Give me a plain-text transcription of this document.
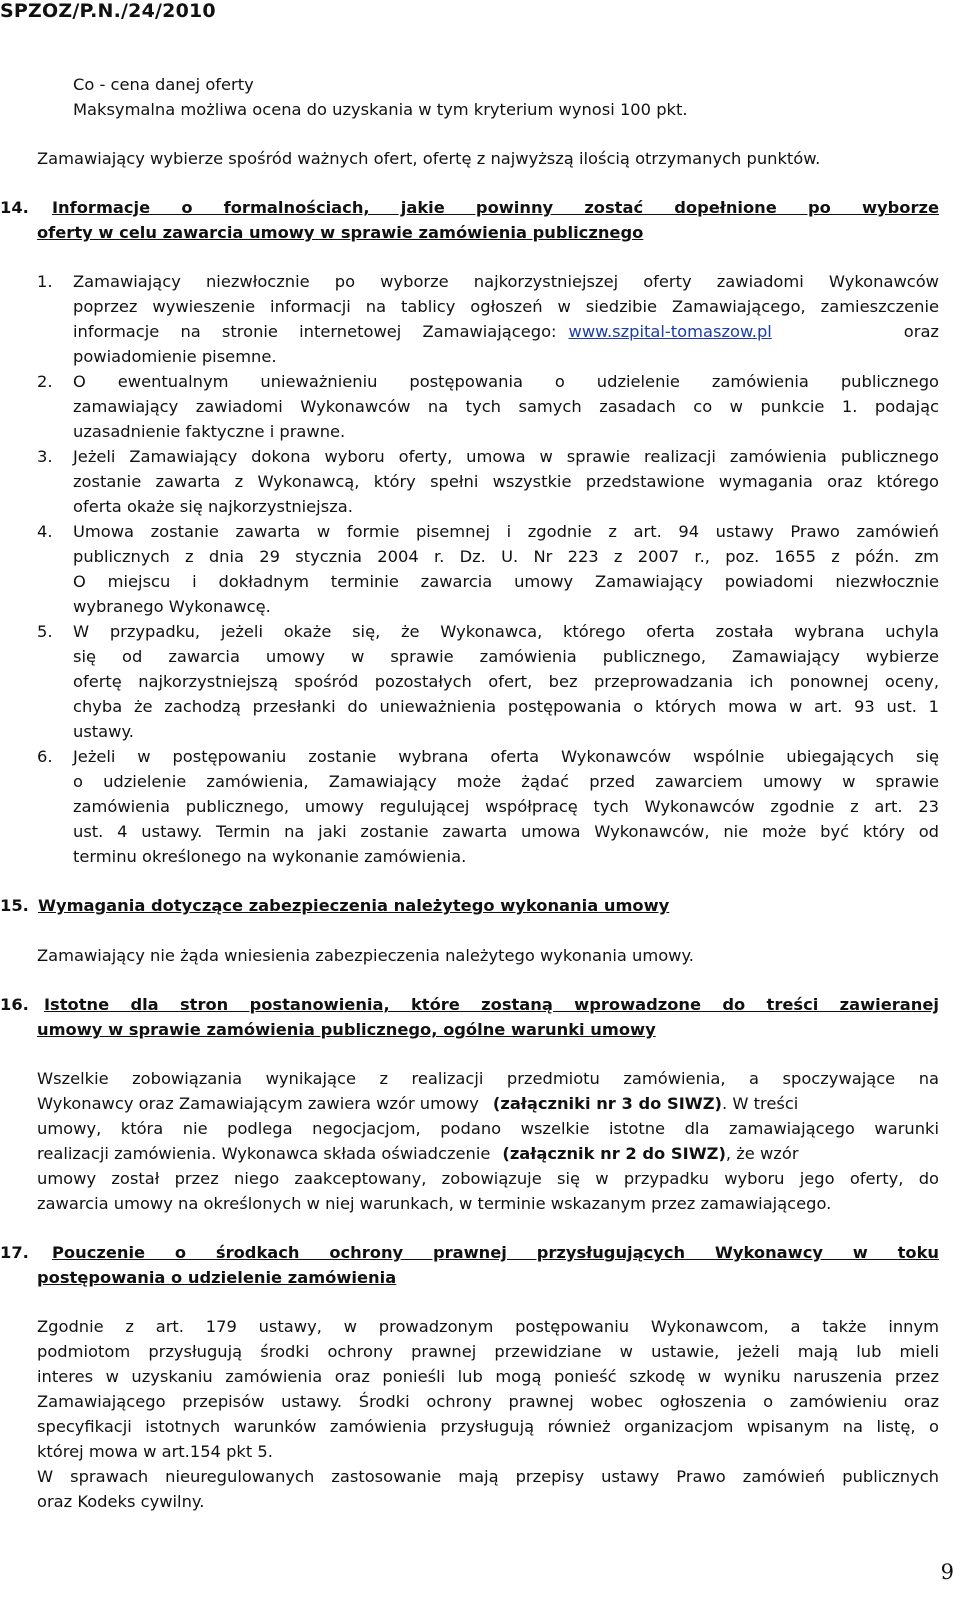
SPZOZ/P.N./24/2010
Co - cena danej oferty
Maksymalna możliwa ocena do uzyskania w tym kryterium wynosi 100 pkt.
Zamawiający wybierze spośród ważnych ofert, ofertę z najwyższą ilością otrzymanych punktów.
14. Informacje o formalnościach, jakie powinny zostać dopełnione po wyborze
oferty w celu zawarcia umowy w sprawie zamówienia publicznego
1. Zamawiający niezwłocznie po wyborze najkorzystniejszej oferty zawiadomi Wykonawców
poprzez wywieszenie informacji na tablicy ogłoszeń w siedzibie Zamawiającego, zamieszczenie
informacje na stronie internetowej Zamawiającego: www.szpital-tomaszow.pl	oraz
powiadomienie pisemne.
2. O ewentualnym unieważnieniu postępowania o udzielenie zamówienia publicznego
zamawiający zawiadomi Wykonawców na tych samych zasadach co w punkcie 1. podając
uzasadnienie faktyczne i prawne.
3. Jeżeli Zamawiający dokona wyboru oferty, umowa w sprawie realizacji zamówienia publicznego
zostanie zawarta z Wykonawcą, który spełni wszystkie przedstawione wymagania oraz którego
oferta okaże się najkorzystniejsza.
4. Umowa zostanie zawarta w formie pisemnej i zgodnie z art. 94 ustawy Prawo zamówień
publicznych z dnia 29 stycznia 2004 r. Dz. U. Nr 223 z 2007 r., poz. 1655 z późn. zm
O miejscu i dokładnym terminie zawarcia umowy Zamawiający powiadomi niezwłocznie
wybranego Wykonawcę.
5. W przypadku, jeżeli okaże się, że Wykonawca, którego oferta została wybrana uchyla
się od zawarcia umowy w sprawie zamówienia publicznego, Zamawiający wybierze
ofertę najkorzystniejszą spośród pozostałych ofert, bez przeprowadzania ich ponownej oceny,
chyba że zachodzą przesłanki do unieważnienia postępowania o których mowa w art. 93 ust. 1
ustawy.
6. Jeżeli w postępowaniu zostanie wybrana oferta Wykonawców wspólnie ubiegających się
o udzielenie zamówienia, Zamawiający może żądać przed zawarciem umowy w sprawie
zamówienia publicznego, umowy regulującej współpracę tych Wykonawców zgodnie z art. 23
ust. 4 ustawy. Termin na jaki zostanie zawarta umowa Wykonawców, nie może być który od
terminu określonego na wykonanie zamówienia.
15. Wymagania dotyczące zabezpieczenia należytego wykonania umowy
Zamawiający nie żąda wniesienia zabezpieczenia należytego wykonania umowy.
16. Istotne dla stron postanowienia, które zostaną wprowadzone do treści zawieranej
umowy w sprawie zamówienia publicznego, ogólne warunki umowy
Wszelkie zobowiązania wynikające z realizacji przedmiotu zamówienia, a spoczywające na
Wykonawcy oraz Zamawiającym zawiera wzór umowy (załączniki nr 3 do SIWZ). W treści
umowy, która nie podlega negocjacjom, podano wszelkie istotne dla zamawiającego warunki
realizacji zamówienia. Wykonawca składa oświadczenie (załącznik nr 2 do SIWZ), że wzór
umowy został przez niego zaakceptowany, zobowiązuje się w przypadku wyboru jego oferty, do
zawarcia umowy na określonych w niej warunkach, w terminie wskazanym przez zamawiającego.
17. Pouczenie o środkach ochrony prawnej przysługujących Wykonawcy w toku
postępowania o udzielenie zamówienia
Zgodnie z art. 179 ustawy, w prowadzonym postępowaniu Wykonawcom, a także innym
podmiotom przysługują środki ochrony prawnej przewidziane w ustawie, jeżeli mają lub mieli
interes w uzyskaniu zamówienia oraz ponieśli lub mogą ponieść szkodę w wyniku naruszenia przez
Zamawiającego przepisów ustawy. Środki ochrony prawnej wobec ogłoszenia o zamówieniu oraz
specyfikacji istotnych warunków zamówienia przysługują również organizacjom wpisanym na listę, o
której mowa w art.154 pkt 5.
W sprawach nieuregulowanych zastosowanie mają przepisy ustawy Prawo zamówień publicznych
oraz Kodeks cywilny.
9
